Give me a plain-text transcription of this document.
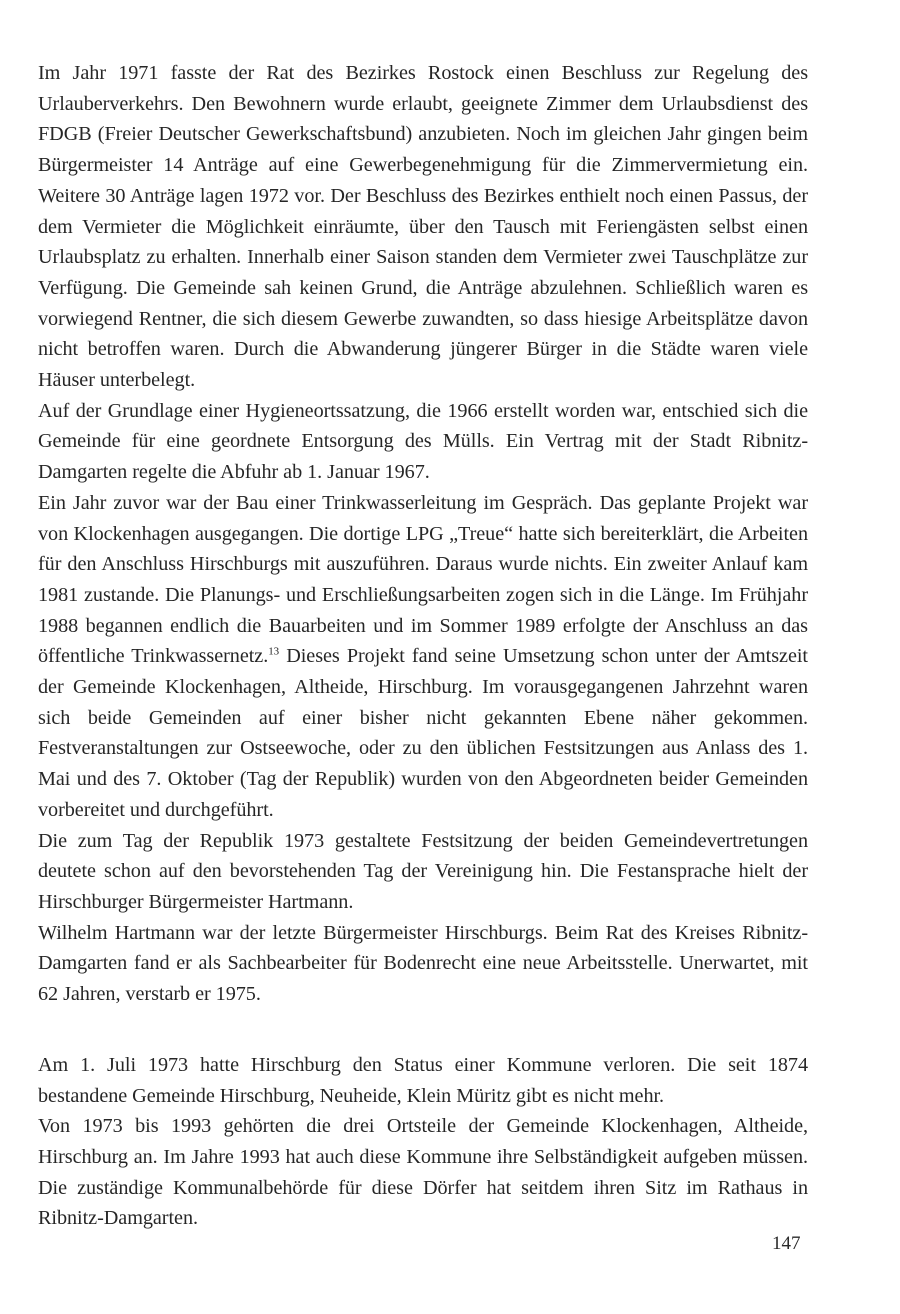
Im Jahr 1971 fasste der Rat des Bezirkes Rostock einen Beschluss zur Regelung des Urlauberverkehrs. Den Bewohnern wurde erlaubt, geeignete Zimmer dem Urlaubsdienst des FDGB (Freier Deutscher Gewerkschaftsbund) anzubieten. Noch im gleichen Jahr gingen beim Bürgermeister 14 Anträge auf eine Gewerbegenehmigung für die Zimmervermietung ein. Weitere 30 Anträge lagen 1972 vor. Der Beschluss des Bezirkes enthielt noch einen Passus, der dem Vermieter die Möglichkeit einräumte, über den Tausch mit Feriengästen selbst einen Urlaubsplatz zu erhalten. Innerhalb einer Saison standen dem Vermieter zwei Tauschplätze zur Verfügung. Die Gemeinde sah keinen Grund, die Anträge abzulehnen. Schließlich waren es vorwiegend Rentner, die sich diesem Gewerbe zuwandten, so dass hiesige Arbeitsplätze davon nicht betroffen waren. Durch die Abwanderung jüngerer Bürger in die Städte waren viele Häuser unterbelegt.

Auf der Grundlage einer Hygieneortssatzung, die 1966 erstellt worden war, entschied sich die Gemeinde für eine geordnete Entsorgung des Mülls. Ein Vertrag mit der Stadt Ribnitz-Damgarten regelte die Abfuhr ab 1. Januar 1967.

Ein Jahr zuvor war der Bau einer Trinkwasserleitung im Gespräch. Das geplante Projekt war von Klockenhagen ausgegangen. Die dortige LPG „Treue“ hatte sich bereiterklärt, die Arbeiten für den Anschluss Hirschburgs mit auszuführen. Daraus wurde nichts. Ein zweiter Anlauf kam 1981 zustande. Die Planungs- und Erschließungsarbeiten zogen sich in die Länge. Im Frühjahr 1988 begannen endlich die Bauarbeiten und im Sommer 1989 erfolgte der Anschluss an das öffentliche Trinkwassernetz.$^{13}$ Dieses Projekt fand seine Umsetzung schon unter der Amtszeit der Gemeinde Klockenhagen, Altheide, Hirschburg. Im vorausgegangenen Jahrzehnt waren sich beide Gemeinden auf einer bisher nicht gekannten Ebene näher gekommen. Festveranstaltungen zur Ostseewoche, oder zu den üblichen Festsitzungen aus Anlass des 1. Mai und des 7. Oktober (Tag der Republik) wurden von den Abgeordneten beider Gemeinden vorbereitet und durchgeführt.

Die zum Tag der Republik 1973 gestaltete Festsitzung der beiden Gemeindevertretungen deutete schon auf den bevorstehenden Tag der Vereinigung hin. Die Festansprache hielt der Hirschburger Bürgermeister Hartmann.

Wilhelm Hartmann war der letzte Bürgermeister Hirschburgs. Beim Rat des Kreises Ribnitz-Damgarten fand er als Sachbearbeiter für Bodenrecht eine neue Arbeitsstelle. Unerwartet, mit 62 Jahren, verstarb er 1975.

Am 1. Juli 1973 hatte Hirschburg den Status einer Kommune verloren. Die seit 1874 bestandene Gemeinde Hirschburg, Neuheide, Klein Müritz gibt es nicht mehr.

Von 1973 bis 1993 gehörten die drei Ortsteile der Gemeinde Klockenhagen, Altheide, Hirschburg an. Im Jahre 1993 hat auch diese Kommune ihre Selbständigkeit aufgeben müssen. Die zuständige Kommunalbehörde für diese Dörfer hat seitdem ihren Sitz im Rathaus in Ribnitz-Damgarten.

147
